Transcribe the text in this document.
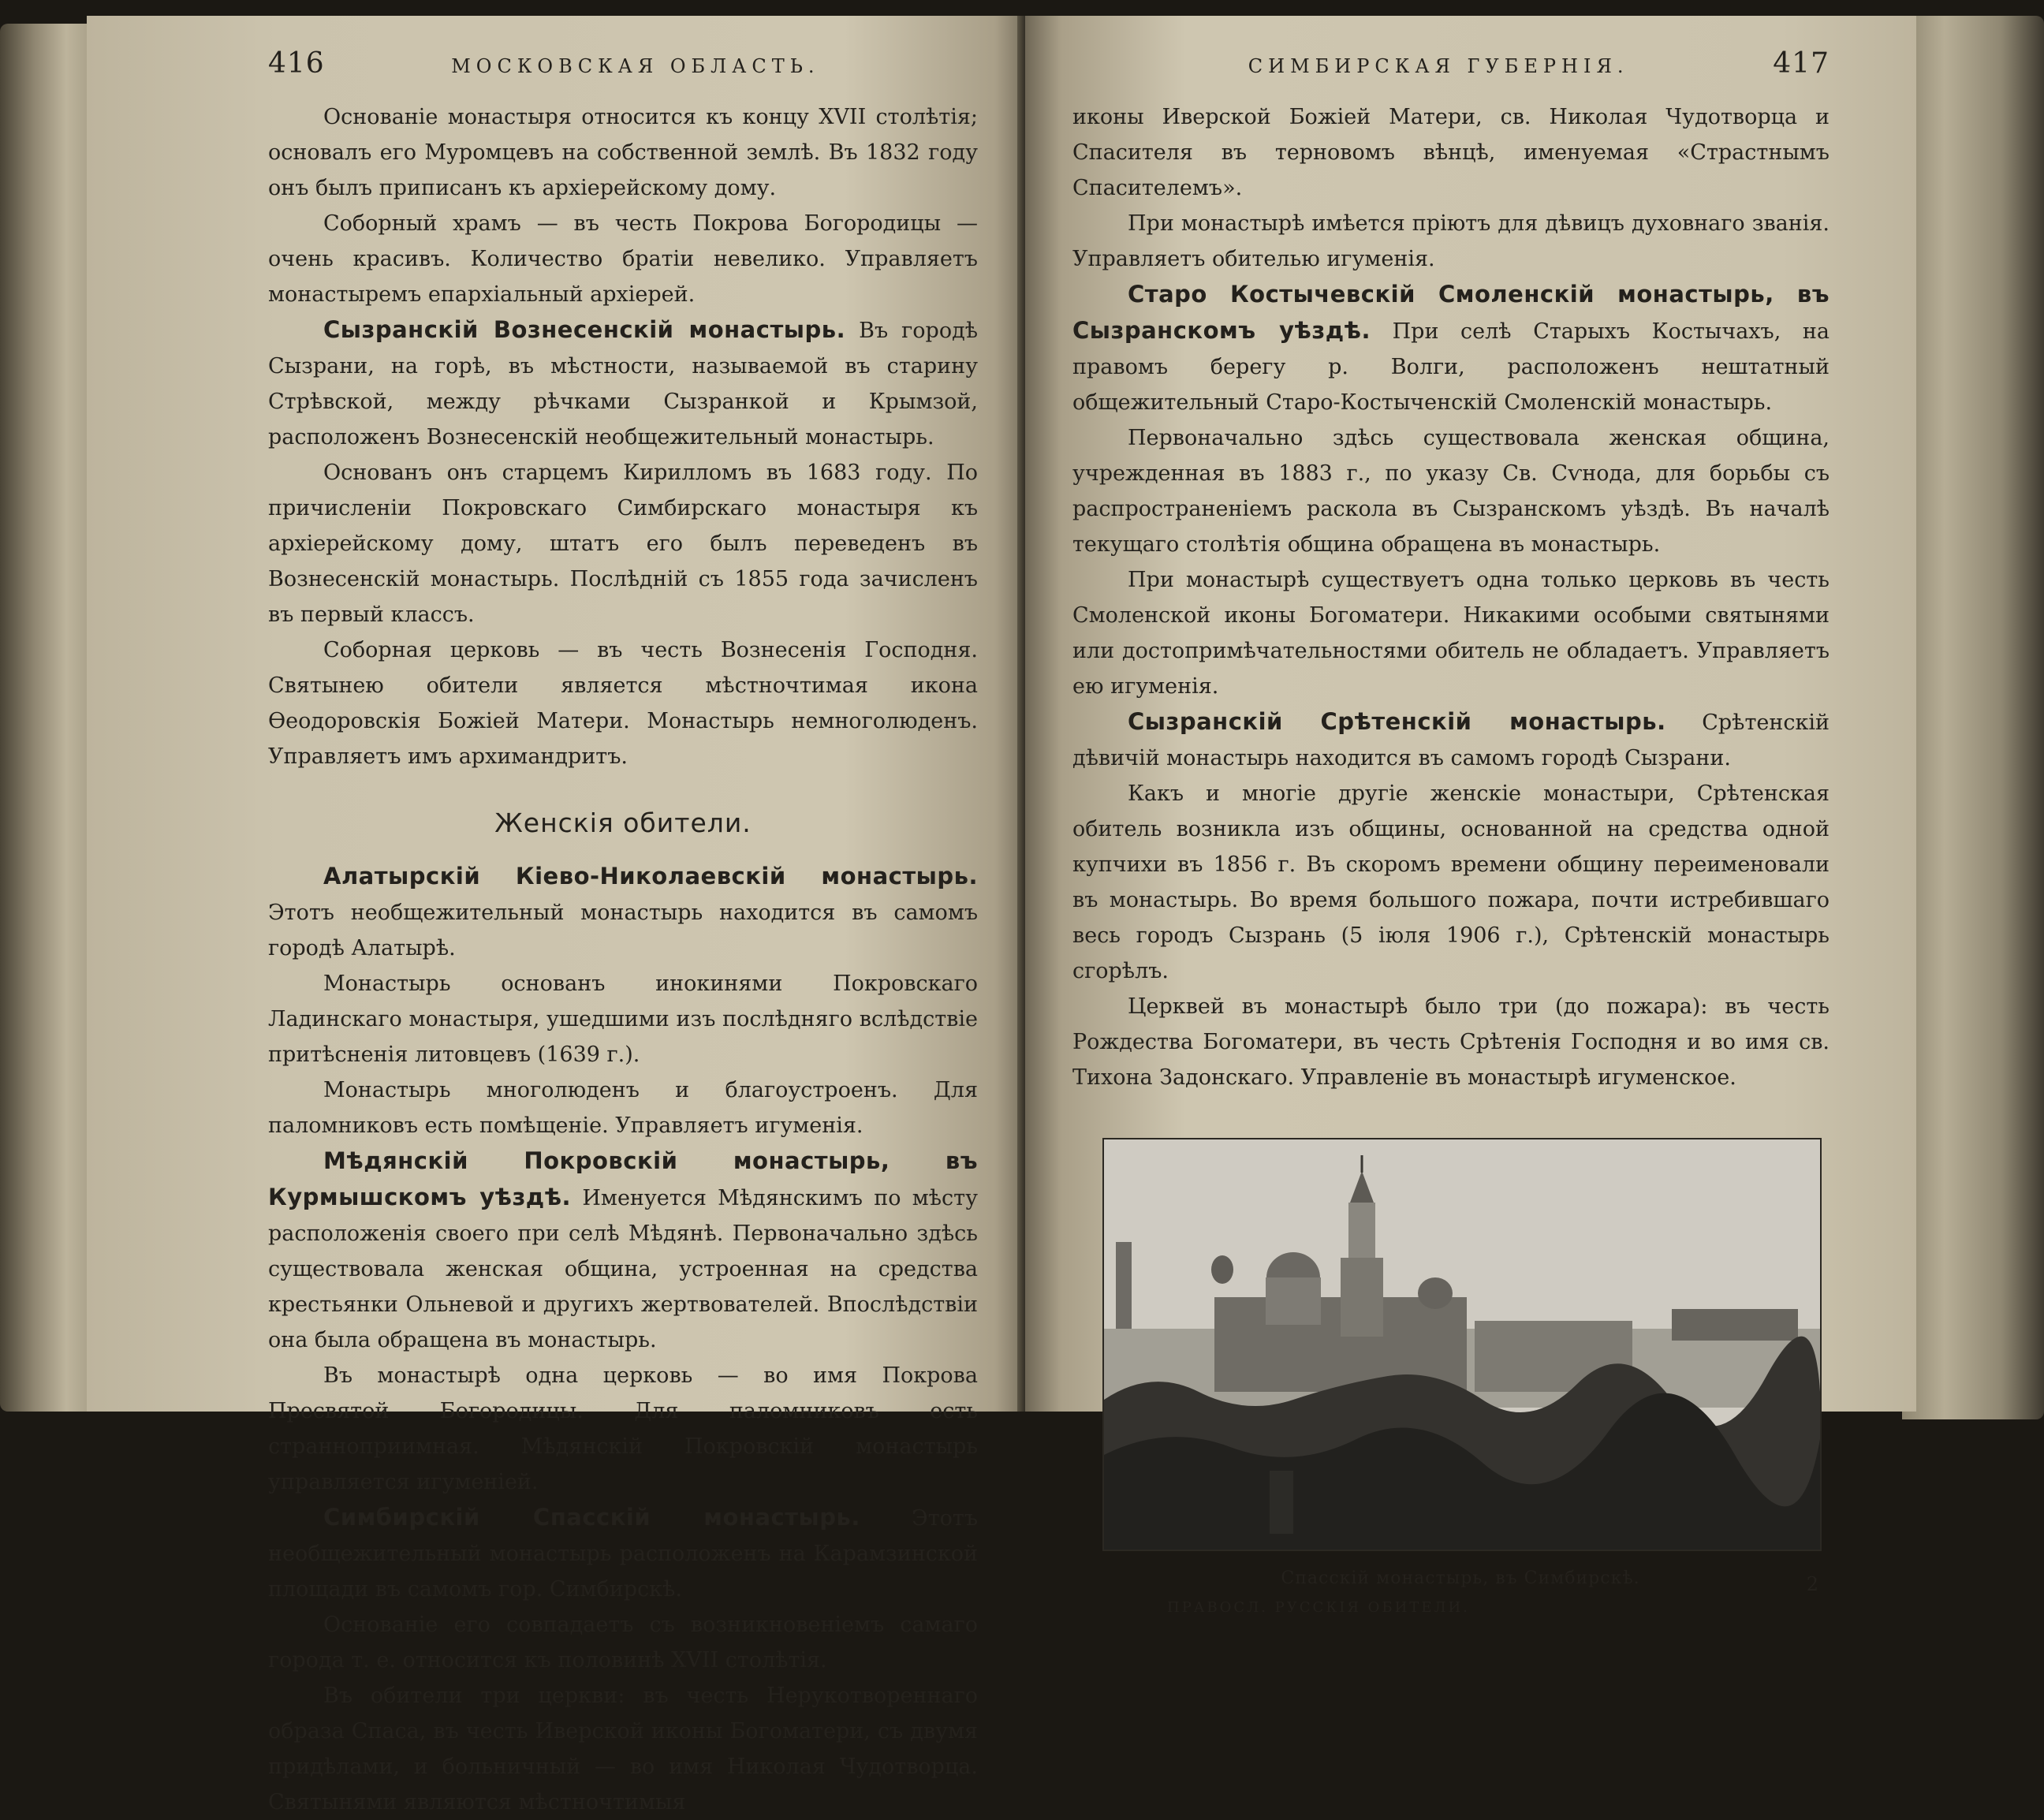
416	МОСКОВСКАЯ ОБЛАСТЬ.

Основаніе монастыря относится къ концу XVII столѣтія; основалъ его Муромцевъ на собственной землѣ. Въ 1832 году онъ былъ приписанъ къ архіерейскому дому.

Соборный храмъ — въ честь Покрова Богородицы — очень красивъ. Количество братіи невелико. Управляетъ монастыремъ епархіальный архіерей.

Сызранскій Вознесенскій монастырь. Въ городѣ Сызрани, на горѣ, въ мѣстности, называемой въ старину Стрѣвской, между рѣчками Сызранкой и Крымзой, расположенъ Вознесенскій необщежительный монастырь.

Основанъ онъ старцемъ Кирилломъ въ 1683 году. По причисленіи Покровскаго Симбирскаго монастыря къ архіерейскому дому, штатъ его былъ переведенъ въ Вознесенскій монастырь. Послѣдній съ 1855 года зачисленъ въ первый классъ.

Соборная церковь — въ честь Вознесенія Господня. Святынею обители является мѣстночтимая икона Ѳеодоровскія Божіей Матери. Монастырь немноголюденъ. Управляетъ имъ архимандритъ.

Женскія обители.

Алатырскій Кіево-Николаевскій монастырь. Этотъ необщежительный монастырь находится въ самомъ городѣ Алатырѣ.

Монастырь основанъ инокинями Покровскаго Ладинскаго монастыря, ушедшими изъ послѣдняго вслѣдствіе притѣсненія литовцевъ (1639 г.).

Монастырь многолюденъ и благоустроенъ. Для паломниковъ есть помѣщеніе. Управляетъ игуменія.

Мѣдянскій Покровскій монастырь, въ Курмышскомъ уѣздѣ. Именуется Мѣдянскимъ по мѣсту расположенія своего при селѣ Мѣдянѣ. Первоначально здѣсь существовала женская община, устроенная на средства крестьянки Ольневой и другихъ жертвователей. Впослѣдствіи она была обращена въ монастырь.

Въ монастырѣ одна церковь — во имя Покрова Пресвятой Богородицы. Для паломниковъ есть странноприимная. Мѣдянскій Покровскій монастырь управляется игуменіей.

Симбирскій Спасскій монастырь. Этотъ необщежительный монастырь расположенъ на Карамзинской площади въ самомъ гор. Симбирскѣ.

Основаніе его совпадаетъ съ возникновеніемъ самаго города т. е. относится къ половинѣ XVII столѣтія.

Въ обители три церкви: въ честь Нерукотвореннаго образа Спаса, въ честь Иверской иконы Богоматери, съ двумя придѣлами, и больничный — во имя Николая Чудотворца. Святынями являются мѣстночтимыя

СИМБИРСКАЯ ГУБЕРНІЯ.	417

иконы Иверской Божіей Матери, св. Николая Чудотворца и Спасителя въ терновомъ вѣнцѣ, именуемая «Страстнымъ Спасителемъ».

При монастырѣ имѣется пріютъ для дѣвицъ духовнаго званія. Управляетъ обителью игуменія.

Старо Костычевскій Смоленскій монастырь, въ Сызранскомъ уѣздѣ. При селѣ Старыхъ Костычахъ, на правомъ берегу р. Волги, расположенъ нештатный общежительный Старо-Костыченскій Смоленскій монастырь.

Первоначально здѣсь существовала женская община, учрежденная въ 1883 г., по указу Св. Сѵнода, для борьбы съ распространеніемъ раскола въ Сызранскомъ уѣздѣ. Въ началѣ текущаго столѣтія община обращена въ монастырь.

При монастырѣ существуетъ одна только церковь въ честь Смоленской иконы Богоматери. Никакими особыми святынями или достопримѣчательностями обитель не обладаетъ. Управляетъ ею игуменія.

Сызранскій Срѣтенскій монастырь. Срѣтенскій дѣвичій монастырь находится въ самомъ городѣ Сызрани.

Какъ и многіе другіе женскіе монастыри, Срѣтенская обитель возникла изъ общины, основанной на средства одной купчихи въ 1856 г. Въ скоромъ времени общину переименовали въ монастырь. Во время большого пожара, почти истребившаго весь городъ Сызрань (5 іюля 1906 г.), Срѣтенскій монастырь сгорѣлъ.

Церквей въ монастырѣ было три (до пожара): въ честь Рождества Богоматери, въ честь Срѣтенія Господня и во имя св. Тихона Задонскаго. Управленіе въ монастырѣ игуменское.

Спасскій монастырь, въ Симбирскѣ.	2
ПРАВОСЛ. РУССКІЯ ОБИТЕЛИ.
